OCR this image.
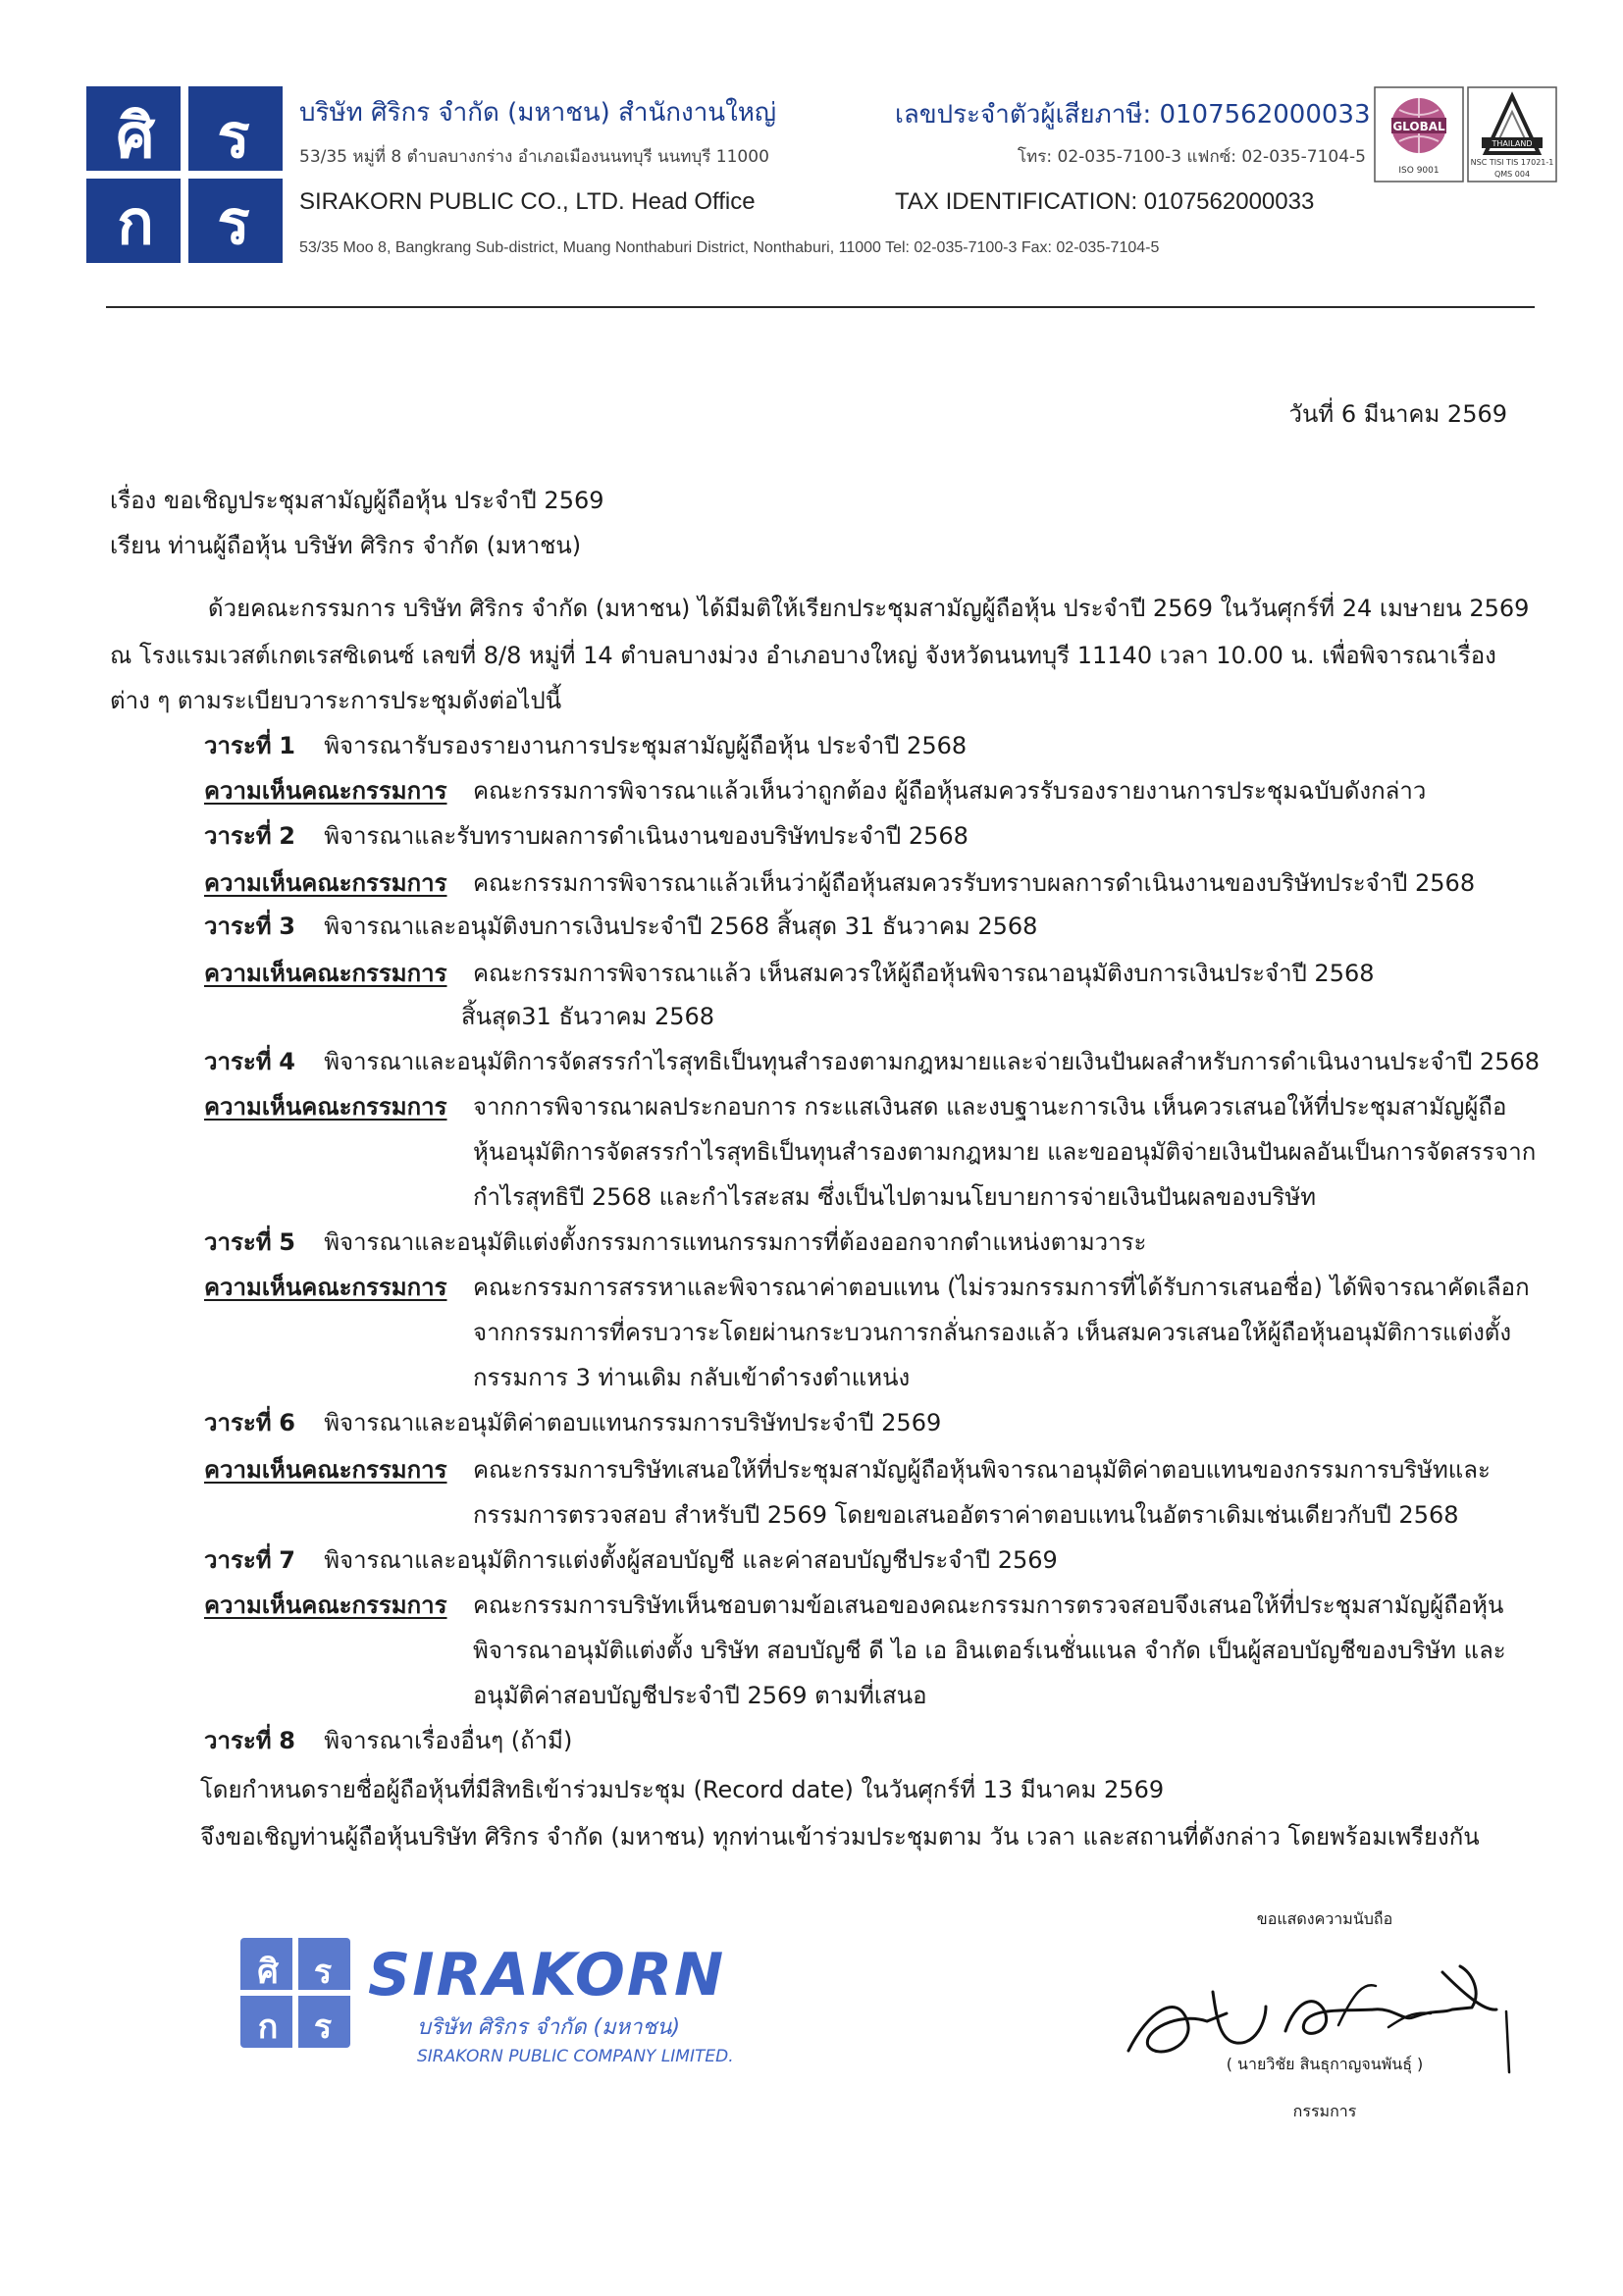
ศิ ร
ก ร
บริษัท ศิริกร จำกัด (มหาชน) สำนักงานใหญ่
53/35 หมู่ที่ 8 ตำบลบางกร่าง อำเภอเมืองนนทบุรี นนทบุรี 11000
SIRAKORN PUBLIC CO., LTD. Head Office
53/35 Moo 8, Bangkrang Sub-district, Muang Nonthaburi District, Nonthaburi, 11000 Tel: 02-035-7100-3 Fax: 02-035-7104-5
เลขประจำตัวผู้เสียภาษี: 0107562000033
TAX IDENTIFICATION: 0107562000033
โทร: 02-035-7100-3 แฟกซ์: 02-035-7104-5
GLOBAL
ISO 9001
THAILAND
NSC TISI TIS 17021-1
QMS 004
วันที่ 6 มีนาคม 2569
เรื่อง ขอเชิญประชุมสามัญผู้ถือหุ้น ประจำปี 2569
เรียน ท่านผู้ถือหุ้น บริษัท ศิริกร จำกัด (มหาชน)
ด้วยคณะกรรมการ บริษัท ศิริกร จำกัด (มหาชน) ได้มีมติให้เรียกประชุมสามัญผู้ถือหุ้น ประจำปี 2569 ในวันศุกร์ที่ 24 เมษายน 2569
ณ โรงแรมเวสต์เกตเรสซิเดนซ์ เลขที่ 8/8 หมู่ที่ 14 ตำบลบางม่วง อำเภอบางใหญ่ จังหวัดนนทบุรี 11140 เวลา 10.00 น. เพื่อพิจารณาเรื่อง
ต่าง ๆ ตามระเบียบวาระการประชุมดังต่อไปนี้
วาระที่ 1 พิจารณารับรองรายงานการประชุมสามัญผู้ถือหุ้น ประจำปี 2568
ความเห็นคณะกรรมการ คณะกรรมการพิจารณาแล้วเห็นว่าถูกต้อง ผู้ถือหุ้นสมควรรับรองรายงานการประชุมฉบับดังกล่าว
วาระที่ 2 พิจารณาและรับทราบผลการดำเนินงานของบริษัทประจำปี 2568
ความเห็นคณะกรรมการ คณะกรรมการพิจารณาแล้วเห็นว่าผู้ถือหุ้นสมควรรับทราบผลการดำเนินงานของบริษัทประจำปี 2568
วาระที่ 3 พิจารณาและอนุมัติงบการเงินประจำปี 2568 สิ้นสุด 31 ธันวาคม 2568
ความเห็นคณะกรรมการ คณะกรรมการพิจารณาแล้ว เห็นสมควรให้ผู้ถือหุ้นพิจารณาอนุมัติงบการเงินประจำปี 2568
สิ้นสุด31 ธันวาคม 2568
วาระที่ 4 พิจารณาและอนุมัติการจัดสรรกำไรสุทธิเป็นทุนสำรองตามกฎหมายและจ่ายเงินปันผลสำหรับการดำเนินงานประจำปี 2568
ความเห็นคณะกรรมการ จากการพิจารณาผลประกอบการ กระแสเงินสด และงบฐานะการเงิน เห็นควรเสนอให้ที่ประชุมสามัญผู้ถือ
หุ้นอนุมัติการจัดสรรกำไรสุทธิเป็นทุนสำรองตามกฎหมาย และขออนุมัติจ่ายเงินปันผลอันเป็นการจัดสรรจาก
กำไรสุทธิปี 2568 และกำไรสะสม ซึ่งเป็นไปตามนโยบายการจ่ายเงินปันผลของบริษัท
วาระที่ 5 พิจารณาและอนุมัติแต่งตั้งกรรมการแทนกรรมการที่ต้องออกจากตำแหน่งตามวาระ
ความเห็นคณะกรรมการ คณะกรรมการสรรหาและพิจารณาค่าตอบแทน (ไม่รวมกรรมการที่ได้รับการเสนอชื่อ) ได้พิจารณาคัดเลือก
จากกรรมการที่ครบวาระโดยผ่านกระบวนการกลั่นกรองแล้ว เห็นสมควรเสนอให้ผู้ถือหุ้นอนุมัติการแต่งตั้ง
กรรมการ 3 ท่านเดิม กลับเข้าดำรงตำแหน่ง
วาระที่ 6 พิจารณาและอนุมัติค่าตอบแทนกรรมการบริษัทประจำปี 2569
ความเห็นคณะกรรมการ คณะกรรมการบริษัทเสนอให้ที่ประชุมสามัญผู้ถือหุ้นพิจารณาอนุมัติค่าตอบแทนของกรรมการบริษัทและ
กรรมการตรวจสอบ สำหรับปี 2569 โดยขอเสนออัตราค่าตอบแทนในอัตราเดิมเช่นเดียวกับปี 2568
วาระที่ 7 พิจารณาและอนุมัติการแต่งตั้งผู้สอบบัญชี และค่าสอบบัญชีประจำปี 2569
ความเห็นคณะกรรมการ คณะกรรมการบริษัทเห็นชอบตามข้อเสนอของคณะกรรมการตรวจสอบจึงเสนอให้ที่ประชุมสามัญผู้ถือหุ้น
พิจารณาอนุมัติแต่งตั้ง บริษัท สอบบัญชี ดี ไอ เอ อินเตอร์เนชั่นแนล จำกัด เป็นผู้สอบบัญชีของบริษัท และ
อนุมัติค่าสอบบัญชีประจำปี 2569 ตามที่เสนอ
วาระที่ 8 พิจารณาเรื่องอื่นๆ (ถ้ามี)
โดยกำหนดรายชื่อผู้ถือหุ้นที่มีสิทธิเข้าร่วมประชุม (Record date) ในวันศุกร์ที่ 13 มีนาคม 2569
จึงขอเชิญท่านผู้ถือหุ้นบริษัท ศิริกร จำกัด (มหาชน) ทุกท่านเข้าร่วมประชุมตาม วัน เวลา และสถานที่ดังกล่าว โดยพร้อมเพรียงกัน
ขอแสดงความนับถือ
( นายวิชัย สินธุกาญจนพันธุ์ )
กรรมการ
ศิ ร
ก ร
SIRAKORN
บริษัท ศิริกร จำกัด (มหาชน)
SIRAKORN PUBLIC COMPANY LIMITED.
